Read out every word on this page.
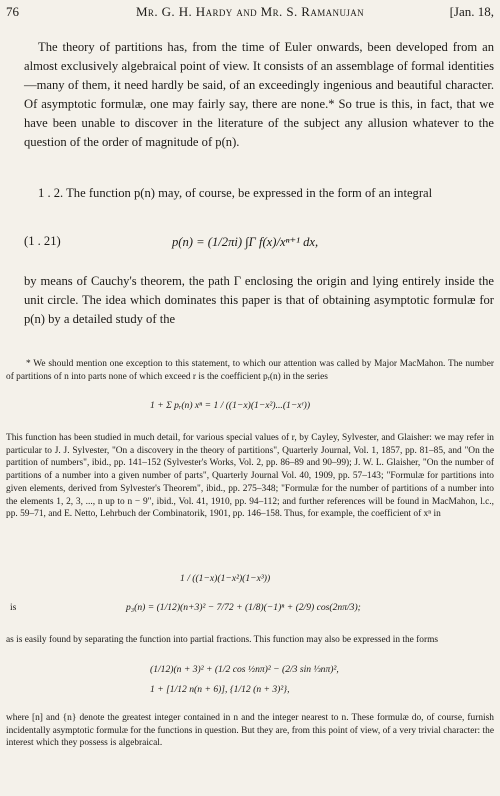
76	Mr. G. H. Hardy and Mr. S. Ramanujan	[Jan. 18,

The theory of partitions has, from the time of Euler onwards, been developed from an almost exclusively algebraical point of view. It consists of an assemblage of formal identities—many of them, it need hardly be said, of an exceedingly ingenious and beautiful character. Of asymptotic formulæ, one may fairly say, there are none.* So true is this, in fact, that we have been unable to discover in the literature of the subject any allusion whatever to the question of the order of magnitude of p(n).

1 . 2. The function p(n) may, of course, be expressed in the form of an integral

(1 . 21)	p(n) = (1/2πi) ∫Γ f(x)/xⁿ⁺¹ dx,

by means of Cauchy's theorem, the path Γ enclosing the origin and lying entirely inside the unit circle. The idea which dominates this paper is that of obtaining asymptotic formulæ for p(n) by a detailed study of the

* We should mention one exception to this statement, to which our attention was called by Major MacMahon. The number of partitions of n into parts none of which exceed r is the coefficient pᵣ(n) in the series

1 + Σ pᵣ(n) xⁿ = 1 / ((1−x)(1−x²)...(1−xʳ))

This function has been studied in much detail, for various special values of r, by Cayley, Sylvester, and Glaisher: we may refer in particular to J. J. Sylvester, "On a discovery in the theory of partitions", Quarterly Journal, Vol. 1, 1857, pp. 81–85, and "On the partition of numbers", ibid., pp. 141–152 (Sylvester's Works, Vol. 2, pp. 86–89 and 90–99); J. W. L. Glaisher, "On the number of partitions of a number into a given number of parts", Quarterly Journal Vol. 40, 1909, pp. 57–143; "Formulæ for partitions into given elements, derived from Sylvester's Theorem", ibid., pp. 275–348; "Formulæ for the number of partitions of a number into the elements 1, 2, 3, ..., n up to n − 9", ibid., Vol. 41, 1910, pp. 94–112; and further references will be found in MacMahon, l.c., pp. 59–71, and E. Netto, Lehrbuch der Combinatorik, 1901, pp. 146–158. Thus, for example, the coefficient of xⁿ in

1 / ((1−x)(1−x²)(1−x³))
is	p₃(n) = (1/12)(n+3)² − 7/72 + (1/8)(−1)ⁿ + (2/9) cos(2nπ/3);

as is easily found by separating the function into partial fractions. This function may also be expressed in the forms

(1/12)(n + 3)² + (1/2 cos ½nπ)² − (2/3 sin ⅓nπ)²,
1 + [1/12 n(n + 6)], {1/12 (n + 3)²},

where [n] and {n} denote the greatest integer contained in n and the integer nearest to n. These formulæ do, of course, furnish incidentally asymptotic formulæ for the functions in question. But they are, from this point of view, of a very trivial character: the interest which they possess is algebraical.
